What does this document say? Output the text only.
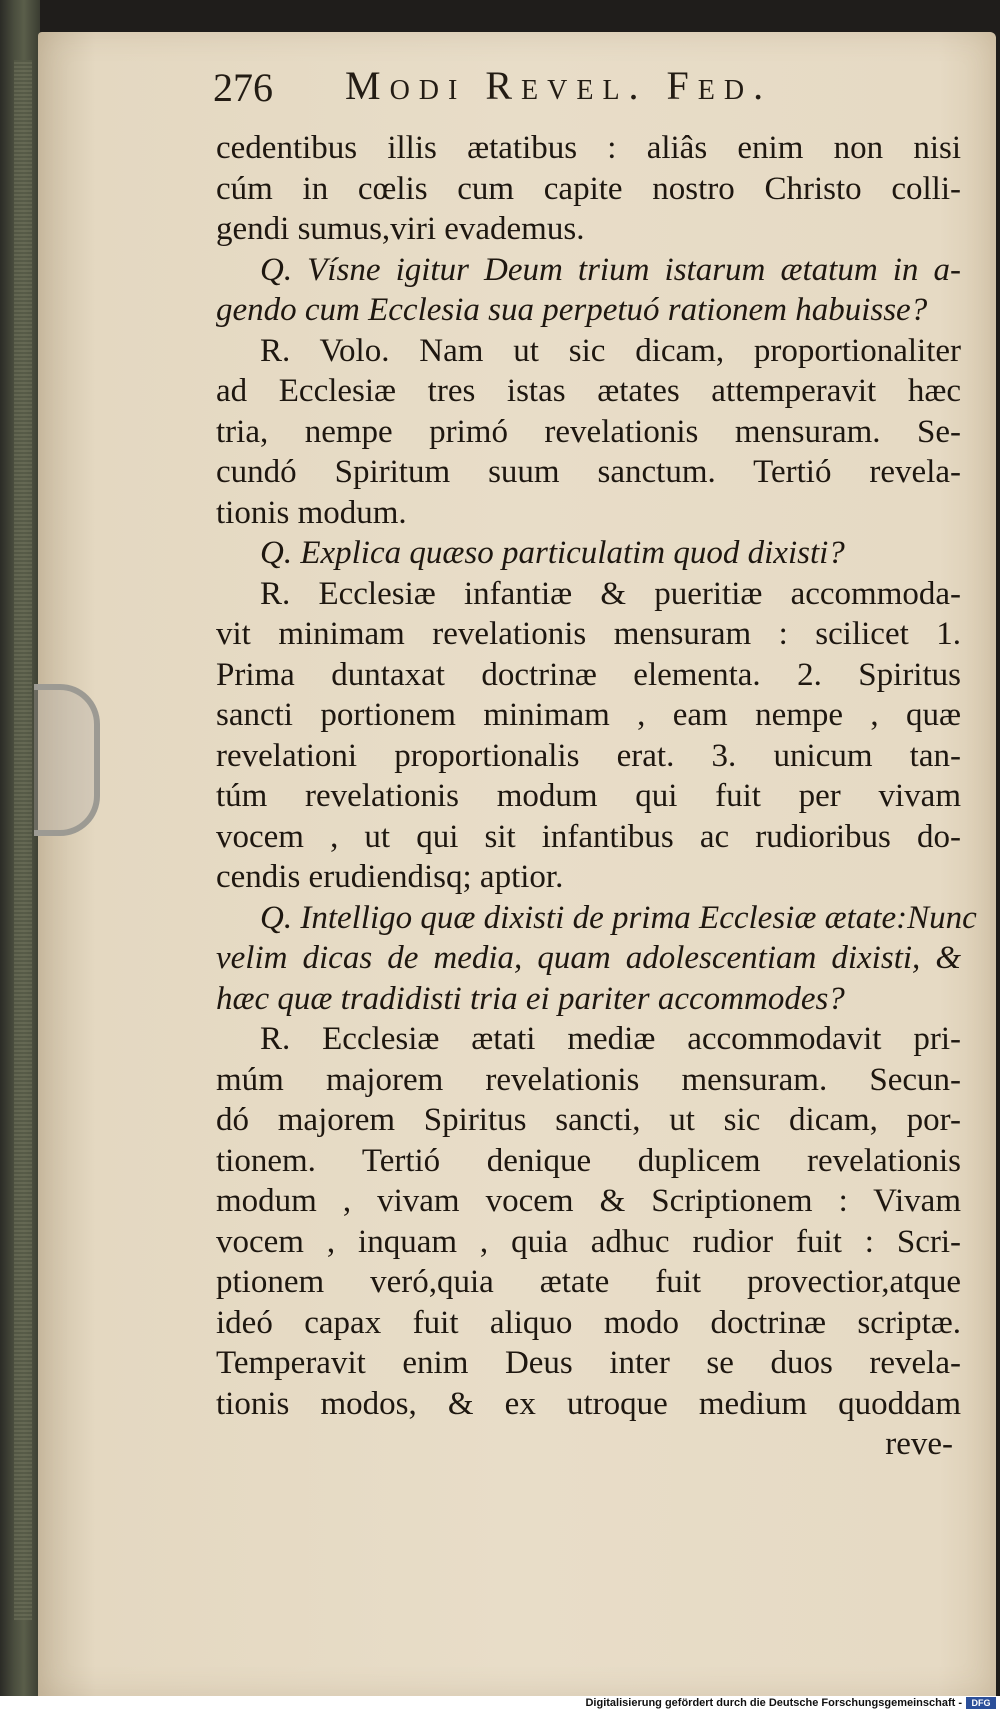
276 Modi Revel. Fed.
cedentibus illis ætatibus : aliâs enim non nisi
cúm in cœlis cum capite nostro Christo colli-
gendi sumus,viri evademus.
Q. Vísne igitur Deum trium istarum ætatum in a-
gendo cum Ecclesia sua perpetuó rationem habuisse?
R. Volo. Nam ut sic dicam, proportionaliter
ad Ecclesiæ tres istas ætates attemperavit hæc
tria, nempe primó revelationis mensuram. Se-
cundó Spiritum suum sanctum. Tertió revela-
tionis modum.
Q. Explica quæso particulatim quod dixisti?
R. Ecclesiæ infantiæ & pueritiæ accommoda-
vit minimam revelationis mensuram : scilicet 1.
Prima duntaxat doctrinæ elementa. 2. Spiritus
sancti portionem minimam , eam nempe , quæ
revelationi proportionalis erat. 3. unicum tan-
túm revelationis modum qui fuit per vivam
vocem , ut qui sit infantibus ac rudioribus do-
cendis erudiendisq; aptior.
Q. Intelligo quæ dixisti de prima Ecclesiæ ætate:Nunc
velim dicas de media, quam adolescentiam dixisti, &
hæc quæ tradidisti tria ei pariter accommodes?
R. Ecclesiæ ætati mediæ accommodavit pri-
múm majorem revelationis mensuram. Secun-
dó majorem Spiritus sancti, ut sic dicam, por-
tionem. Tertió denique duplicem revelationis
modum , vivam vocem & Scriptionem : Vivam
vocem , inquam , quia adhuc rudior fuit : Scri-
ptionem veró,quia ætate fuit provectior,atque
ideó capax fuit aliquo modo doctrinæ scriptæ.
Temperavit enim Deus inter se duos revela-
tionis modos, & ex utroque medium quoddam
reve-
Digitalisierung gefördert durch die Deutsche Forschungsgemeinschaft -	DFG
